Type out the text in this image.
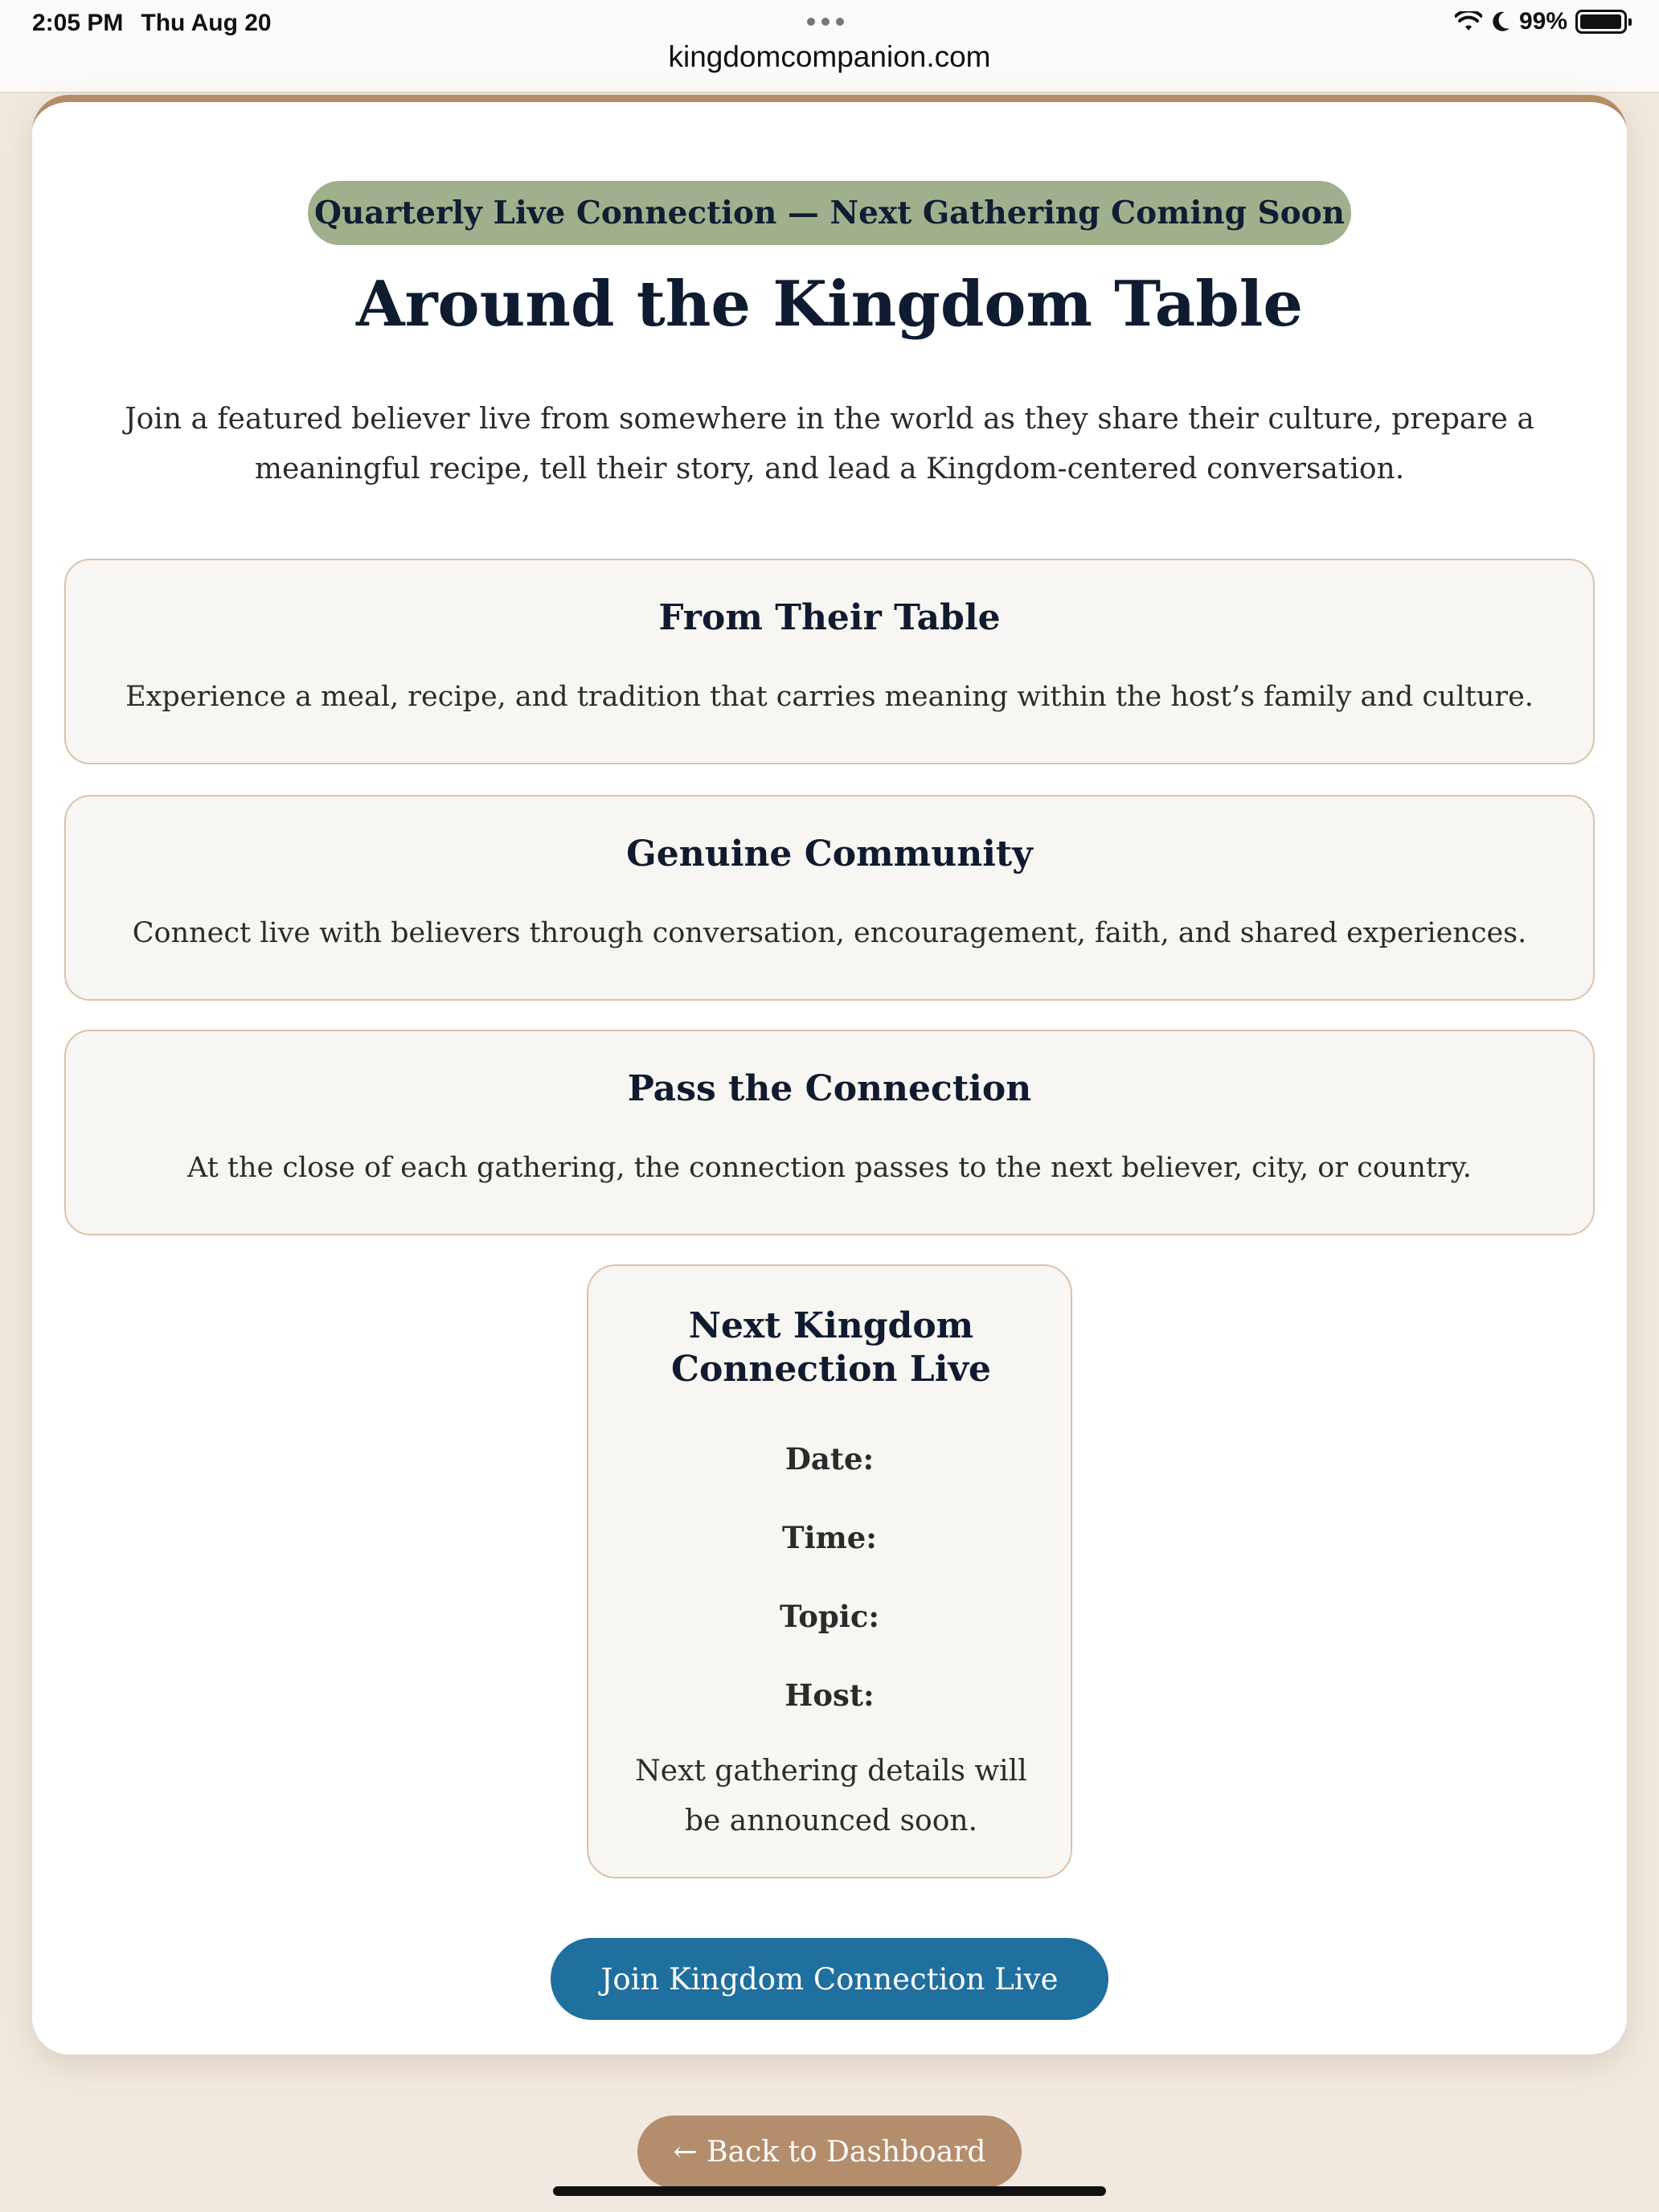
2:05 PM Thu Aug 20	99%
kingdomcompanion.com
Quarterly Live Connection — Next Gathering Coming Soon
Around the Kingdom Table

Join a featured believer live from somewhere in the world as they share their culture, prepare a meaningful recipe, tell their story, and lead a Kingdom-centered conversation.

From Their Table

Experience a meal, recipe, and tradition that carries meaning within the host’s family and culture.

Genuine Community

Connect live with believers through conversation, encouragement, faith, and shared experiences.

Pass the Connection

At the close of each gathering, the connection passes to the next believer, city, or country.

Next Kingdom Connection Live
Date:
Time:
Topic:
Host:

Next gathering details will be announced soon.

Join Kingdom Connection Live
← Back to Dashboard
